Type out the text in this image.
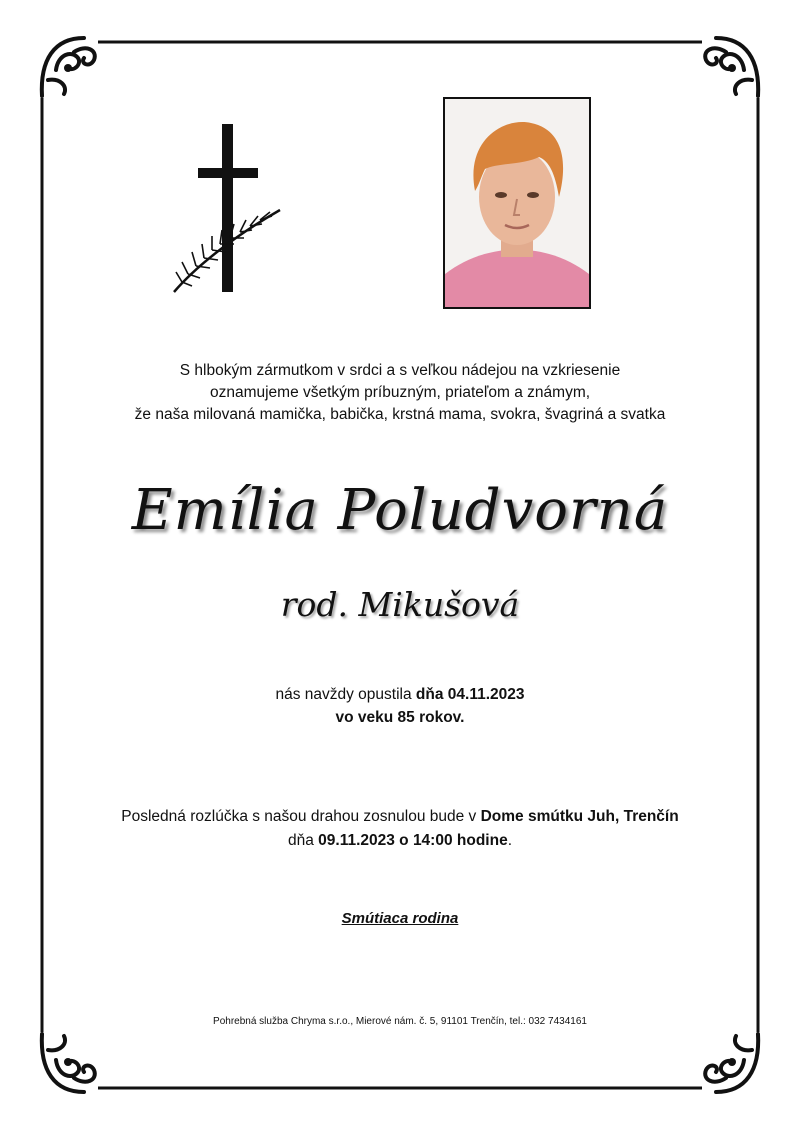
S hlbokým zármutkom v srdci a s veľkou nádejou na vzkriesenie
oznamujeme všetkým príbuzným, priateľom a známym,
že naša milovaná mamička, babička, krstná mama, svokra, švagriná a svatka
Emília Poludvorná
rod. Mikušová
nás navždy opustila dňa 04.11.2023
vo veku 85 rokov.
Posledná rozlúčka s našou drahou zosnulou bude v Dome smútku Juh, Trenčín
dňa 09.11.2023 o 14:00 hodine.
Smútiaca rodina
Pohrebná služba Chryma s.r.o., Mierové nám. č. 5, 91101 Trenčín, tel.: 032 7434161
